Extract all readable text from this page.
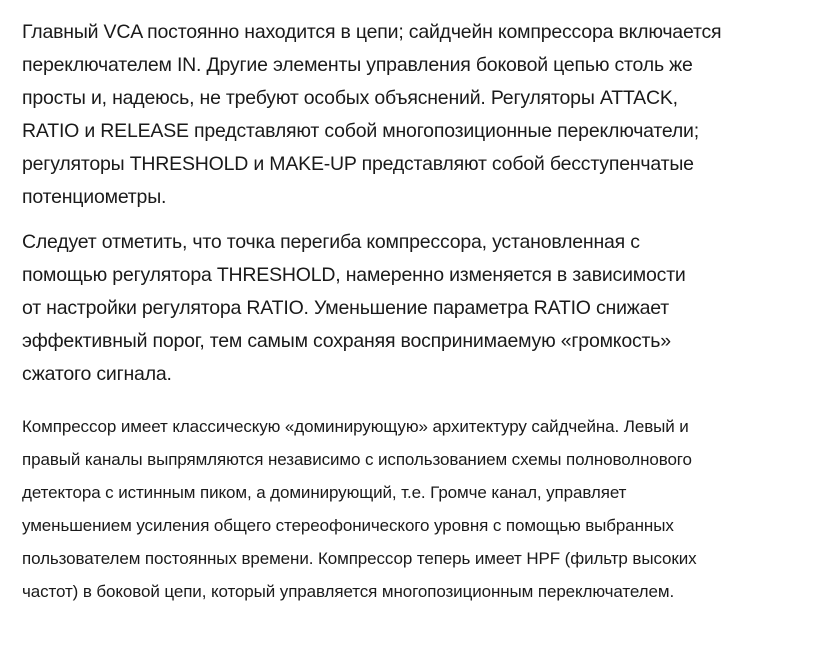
Главный VCA постоянно находится в цепи; сайдчейн компрессора включается
переключателем IN. Другие элементы управления боковой цепью столь же
просты и, надеюсь, не требуют особых объяснений. Регуляторы ATTACK,
RATIO и RELEASE представляют собой многопозиционные переключатели;
регуляторы THRESHOLD и MAKE-UP представляют собой бесступенчатые
потенциометры.
Следует отметить, что точка перегиба компрессора, установленная с
помощью регулятора THRESHOLD, намеренно изменяется в зависимости
от настройки регулятора RATIO. Уменьшение параметра RATIO снижает
эффективный порог, тем самым сохраняя воспринимаемую «громкость»
сжатого сигнала.
Компрессор имеет классическую «доминирующую» архитектуру сайдчейна. Левый и
правый каналы выпрямляются независимо с использованием схемы полноволнового
детектора с истинным пиком, а доминирующий, т.е. Громче канал, управляет
уменьшением усиления общего стереофонического уровня с помощью выбранных
пользователем постоянных времени. Компрессор теперь имеет HPF (фильтр высоких
частот) в боковой цепи, который управляется многопозиционным переключателем.
